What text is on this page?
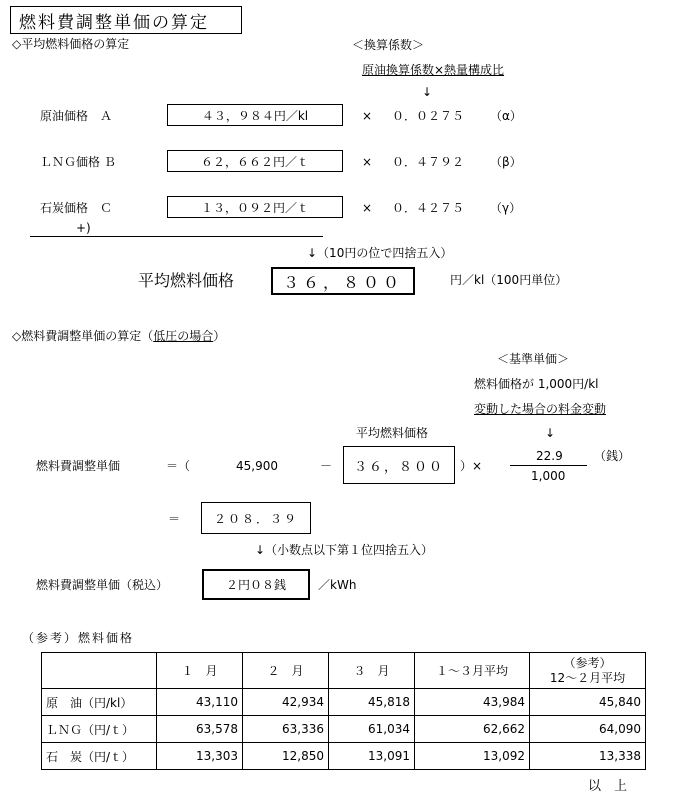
燃料費調整単価の算定
◇平均燃料価格の算定	＜換算係数＞
原油換算係数×熱量構成比
↓
原油価格　Ａ	４３，９８４円／kl	× ０．０２７５ （α）
ＬＮＧ価格 Ｂ	６２，６６２円／ｔ	× ０．４７９２ （β）
石炭価格　Ｃ	１３，０９２円／ｔ	× ０．４２７５ （γ）
+)
↓（10円の位で四捨五入）
平均燃料価格	３６，８００	円／kl（100円単位）
◇燃料費調整単価の算定（低圧の場合）
＜基準単価＞
燃料価格が 1,000円/kl
変動した場合の料金変動
↓
平均燃料価格
燃料費調整単価	＝（	45,900	－ ３６，８００ ）×
22.9
1,000
（銭）
＝	２０８．３９
↓（小数点以下第１位四捨五入）
燃料費調整単価（税込）	２円０８銭	／kWh
（参考）燃料価格
	１　月	２　月	３　月	１～３月平均	（参考）
12～２月平均

原　油（円/kl）	43,110	42,934	45,818	43,984	45,840
ＬＮＧ（円/ｔ）	63,578	63,336	61,034	62,662	64,090
石　炭（円/ｔ）	13,303	12,850	13,091	13,092	13,338
以　上
